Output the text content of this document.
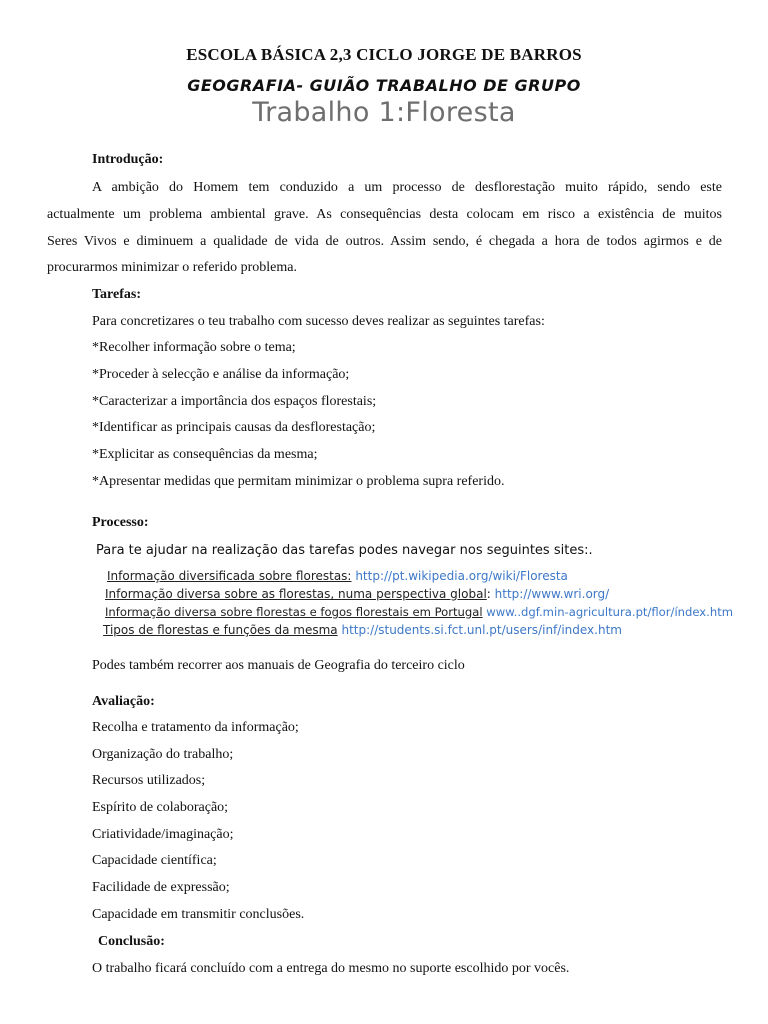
ESCOLA BÁSICA 2,3 CICLO JORGE DE BARROS
GEOGRAFIA- GUIÃO TRABALHO DE GRUPO
Trabalho 1:Floresta
Introdução:
A ambição do Homem tem conduzido a um processo de desflorestação muito rápido, sendo este
actualmente um problema ambiental grave. As consequências desta colocam em risco a existência de muitos
Seres Vivos e diminuem a qualidade de vida de outros. Assim sendo, é chegada a hora de todos agirmos e de
procurarmos minimizar o referido problema.
Tarefas:
Para concretizares o teu trabalho com sucesso deves realizar as seguintes tarefas:
*Recolher informação sobre o tema;
*Proceder à selecção e análise da informação;
*Caracterizar a importância dos espaços florestais;
*Identificar as principais causas da desflorestação;
*Explicitar as consequências da mesma;
*Apresentar medidas que permitam minimizar o problema supra referido.
Processo:
Para te ajudar na realização das tarefas podes navegar nos seguintes sites:.
Informação diversificada sobre florestas: http://pt.wikipedia.org/wiki/Floresta
Informação diversa sobre as florestas, numa perspectiva global: http://www.wri.org/
Informação diversa sobre florestas e fogos florestais em Portugal www..dgf.min-agricultura.pt/flor/índex.htm
Tipos de florestas e funções da mesma http://students.si.fct.unl.pt/users/inf/index.htm
Podes também recorrer aos manuais de Geografia do terceiro ciclo
Avaliação:
Recolha e tratamento da informação;
Organização do trabalho;
Recursos utilizados;
Espírito de colaboração;
Criatividade/imaginação;
Capacidade científica;
Facilidade de expressão;
Capacidade em transmitir conclusões.
Conclusão:
O trabalho ficará concluído com a entrega do mesmo no suporte escolhido por vocês.
